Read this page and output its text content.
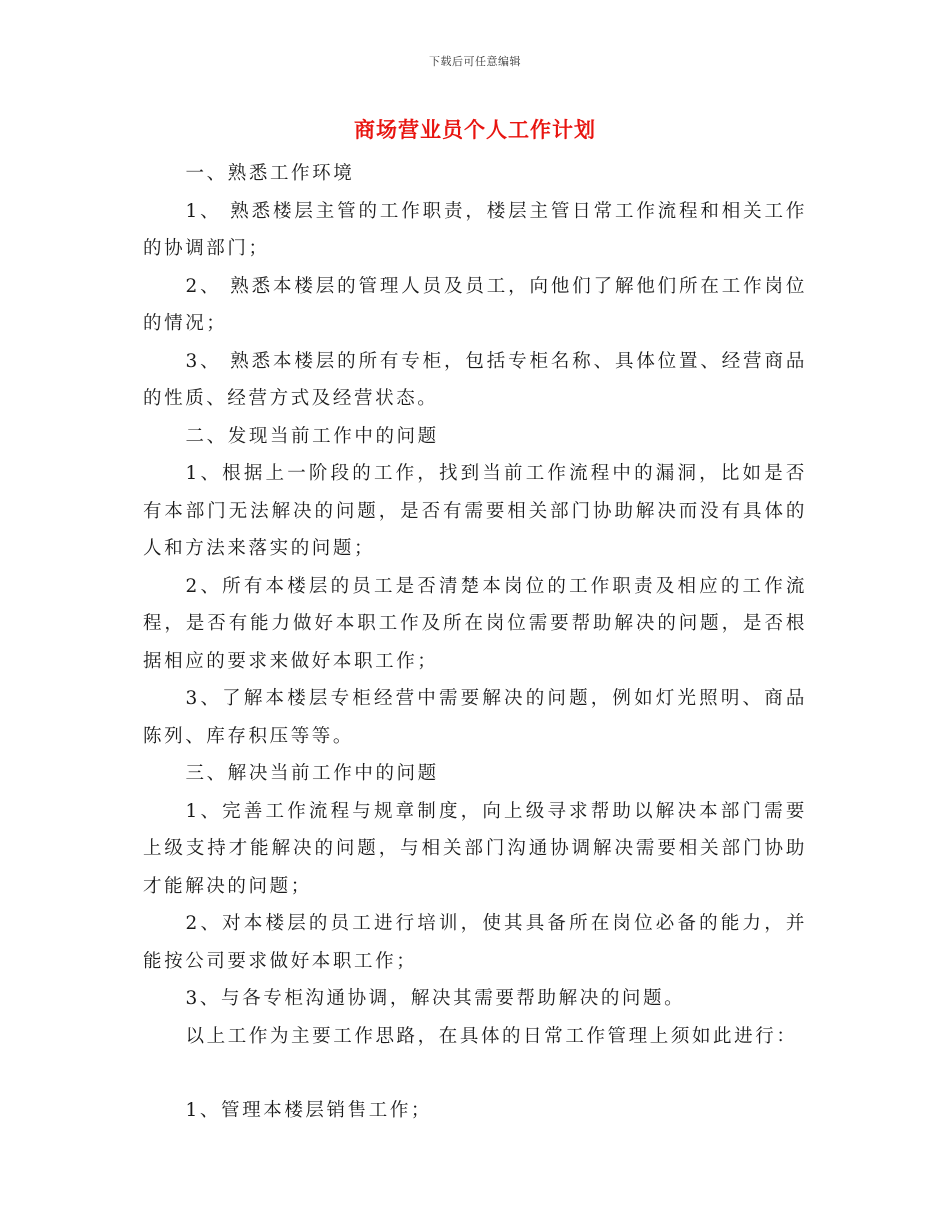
下载后可任意编辑
商场营业员个人工作计划

一、熟悉工作环境

1、 熟悉楼层主管的工作职责，楼层主管日常工作流程和相关工作的协调部门；

2、 熟悉本楼层的管理人员及员工，向他们了解他们所在工作岗位的情况；

3、 熟悉本楼层的所有专柜，包括专柜名称、具体位置、经营商品的性质、经营方式及经营状态。

二、发现当前工作中的问题

1、根据上一阶段的工作，找到当前工作流程中的漏洞，比如是否有本部门无法解决的问题，是否有需要相关部门协助解决而没有具体的人和方法来落实的问题；

2、所有本楼层的员工是否清楚本岗位的工作职责及相应的工作流程，是否有能力做好本职工作及所在岗位需要帮助解决的问题，是否根据相应的要求来做好本职工作；

3、了解本楼层专柜经营中需要解决的问题，例如灯光照明、商品陈列、库存积压等等。

三、解决当前工作中的问题

1、完善工作流程与规章制度，向上级寻求帮助以解决本部门需要上级支持才能解决的问题，与相关部门沟通协调解决需要相关部门协助才能解决的问题；

2、对本楼层的员工进行培训，使其具备所在岗位必备的能力，并能按公司要求做好本职工作；

3、与各专柜沟通协调，解决其需要帮助解决的问题。

以上工作为主要工作思路，在具体的日常工作管理上须如此进行：

1、管理本楼层销售工作；
